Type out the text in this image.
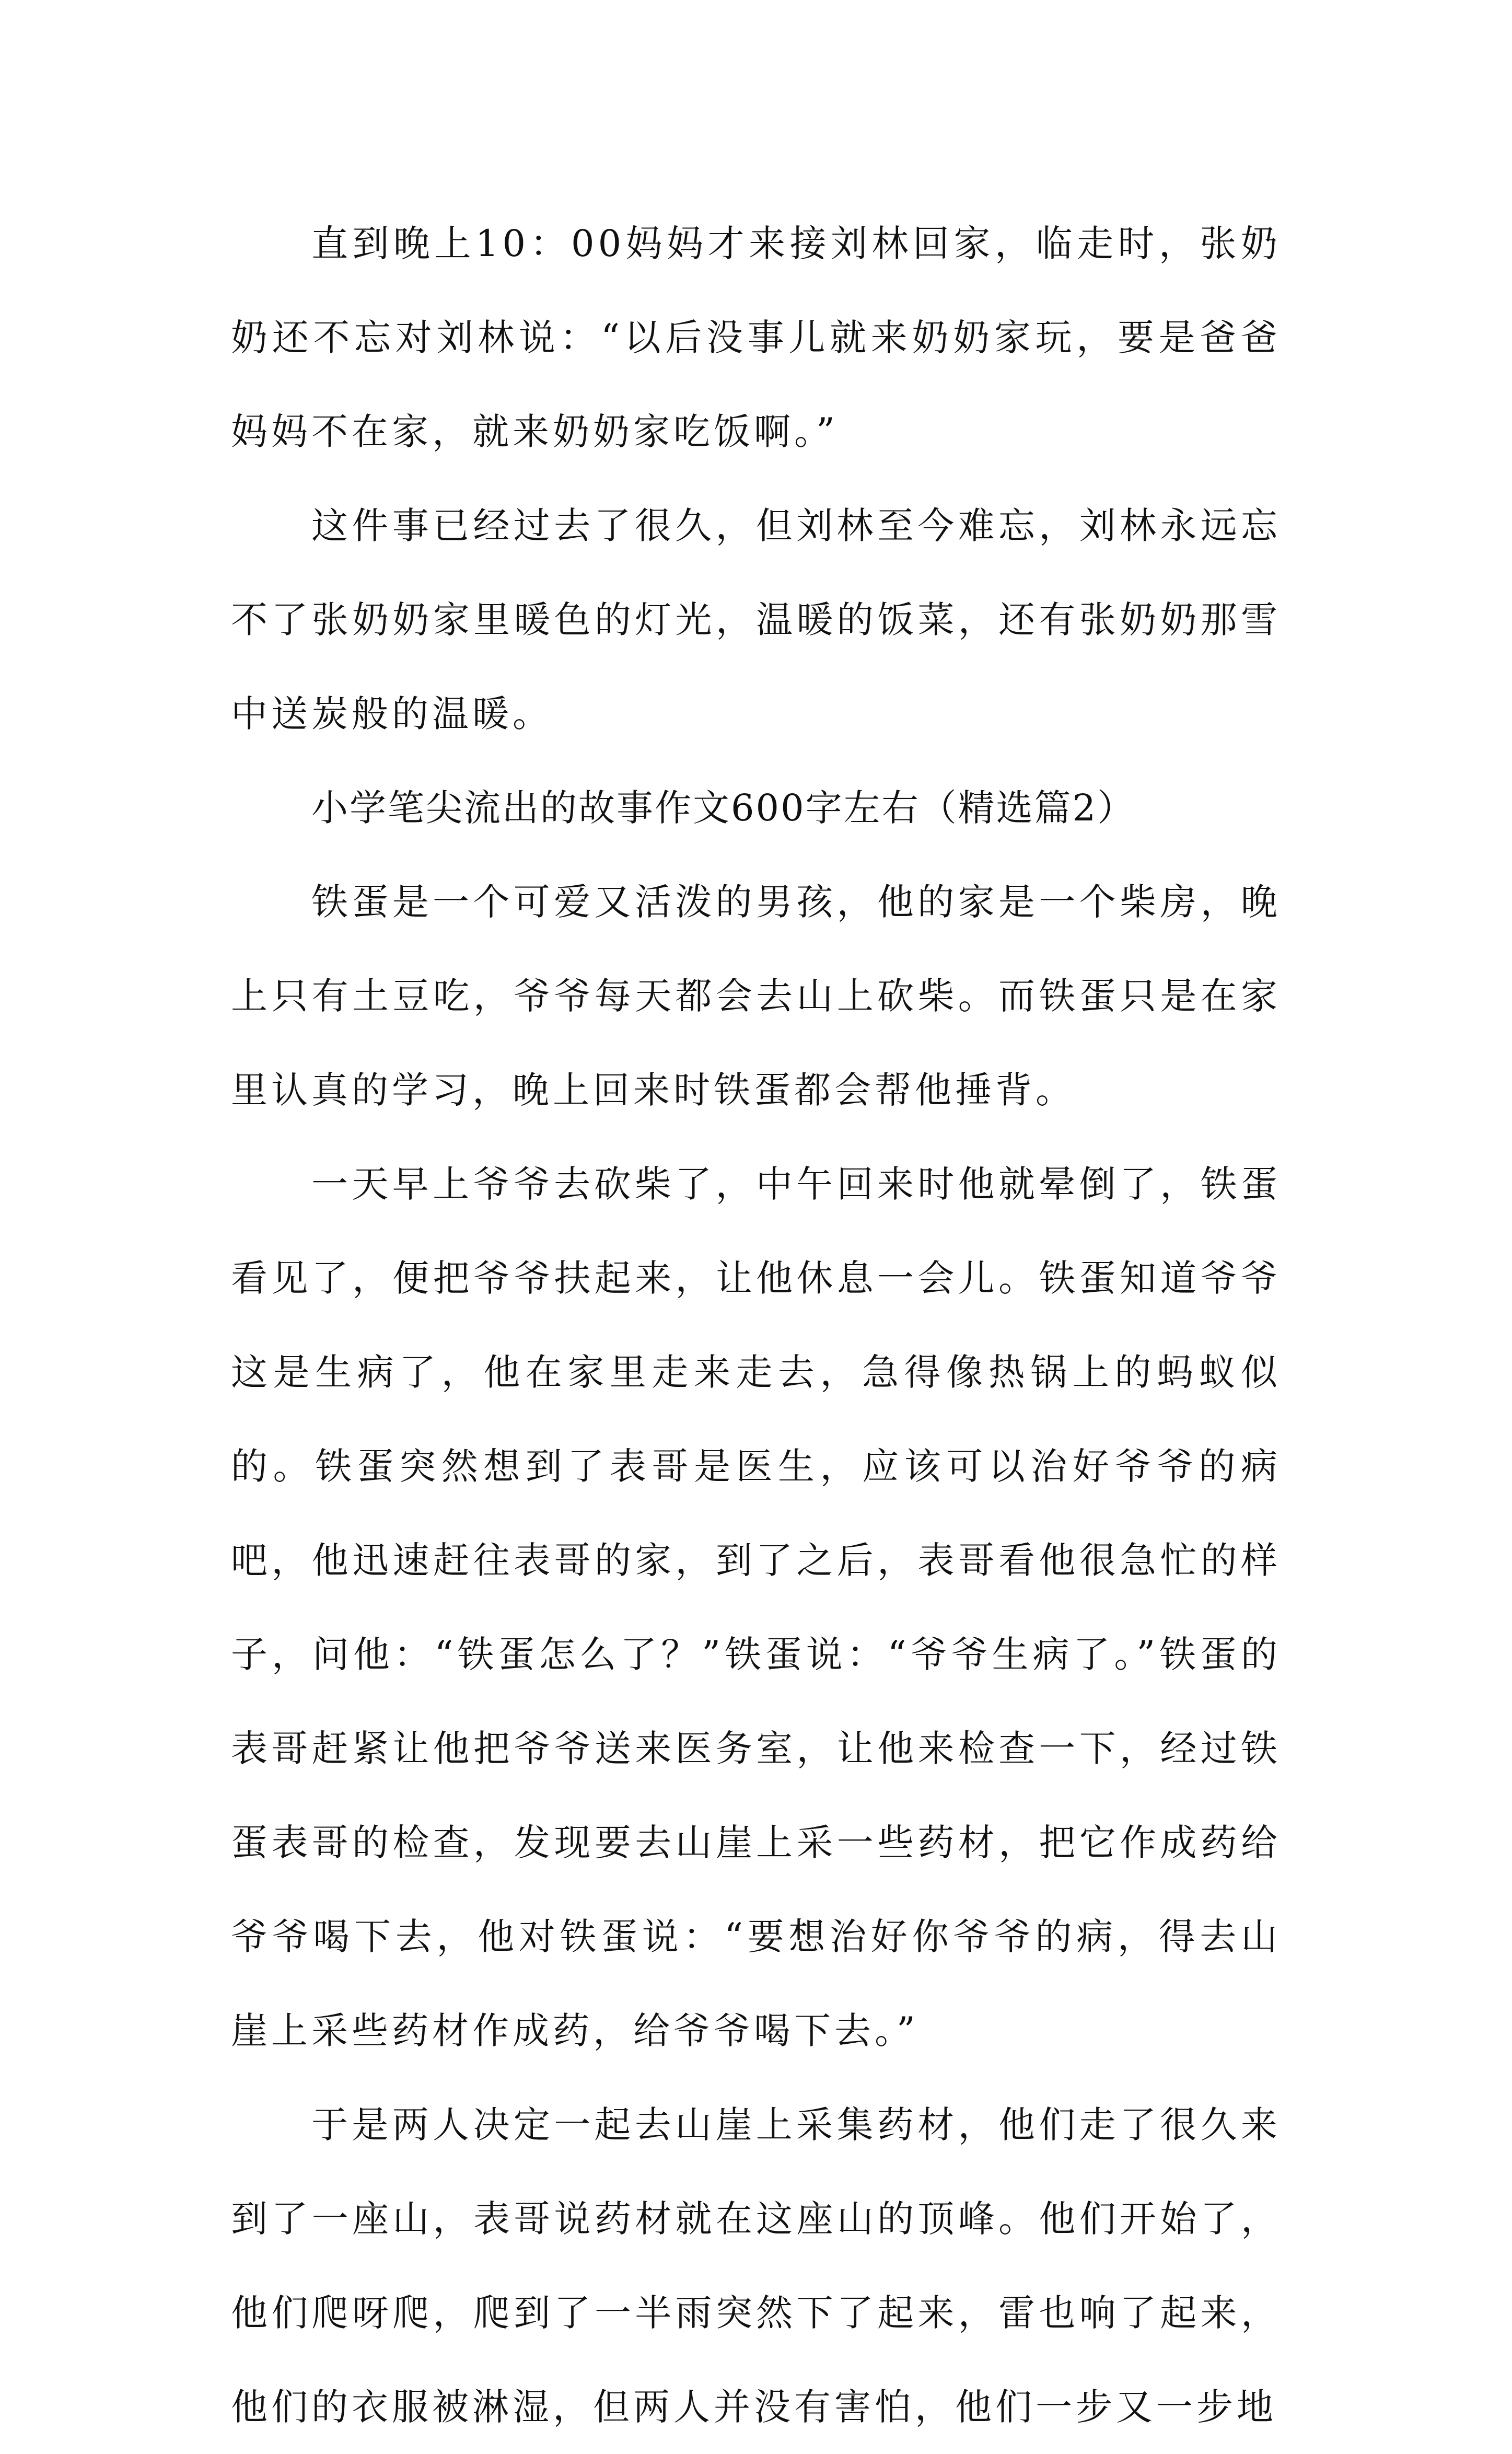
直到晚上10：00妈妈才来接刘林回家，临走时，张奶奶还不忘对刘林说：“以后没事儿就来奶奶家玩，要是爸爸妈妈不在家，就来奶奶家吃饭啊。”

这件事已经过去了很久，但刘林至今难忘，刘林永远忘不了张奶奶家里暖色的灯光，温暖的饭菜，还有张奶奶那雪中送炭般的温暖。

小学笔尖流出的故事作文600字左右（精选篇2）

铁蛋是一个可爱又活泼的男孩，他的家是一个柴房，晚上只有土豆吃，爷爷每天都会去山上砍柴。而铁蛋只是在家里认真的学习，晚上回来时铁蛋都会帮他捶背。

一天早上爷爷去砍柴了，中午回来时他就晕倒了，铁蛋看见了，便把爷爷扶起来，让他休息一会儿。铁蛋知道爷爷这是生病了，他在家里走来走去，急得像热锅上的蚂蚁似的。铁蛋突然想到了表哥是医生，应该可以治好爷爷的病吧，他迅速赶往表哥的家，到了之后，表哥看他很急忙的样子，问他：“铁蛋怎么了？”铁蛋说：“爷爷生病了。”铁蛋的表哥赶紧让他把爷爷送来医务室，让他来检查一下，经过铁蛋表哥的检查，发现要去山崖上采一些药材，把它作成药给爷爷喝下去，他对铁蛋说：“要想治好你爷爷的病，得去山崖上采些药材作成药，给爷爷喝下去。”

于是两人决定一起去山崖上采集药材，他们走了很久来到了一座山，表哥说药材就在这座山的顶峰。他们开始了，他们爬呀爬，爬到了一半雨突然下了起来，雷也响了起来，他们的衣服被淋湿，但两人并没有害怕，他们一步又一步地
